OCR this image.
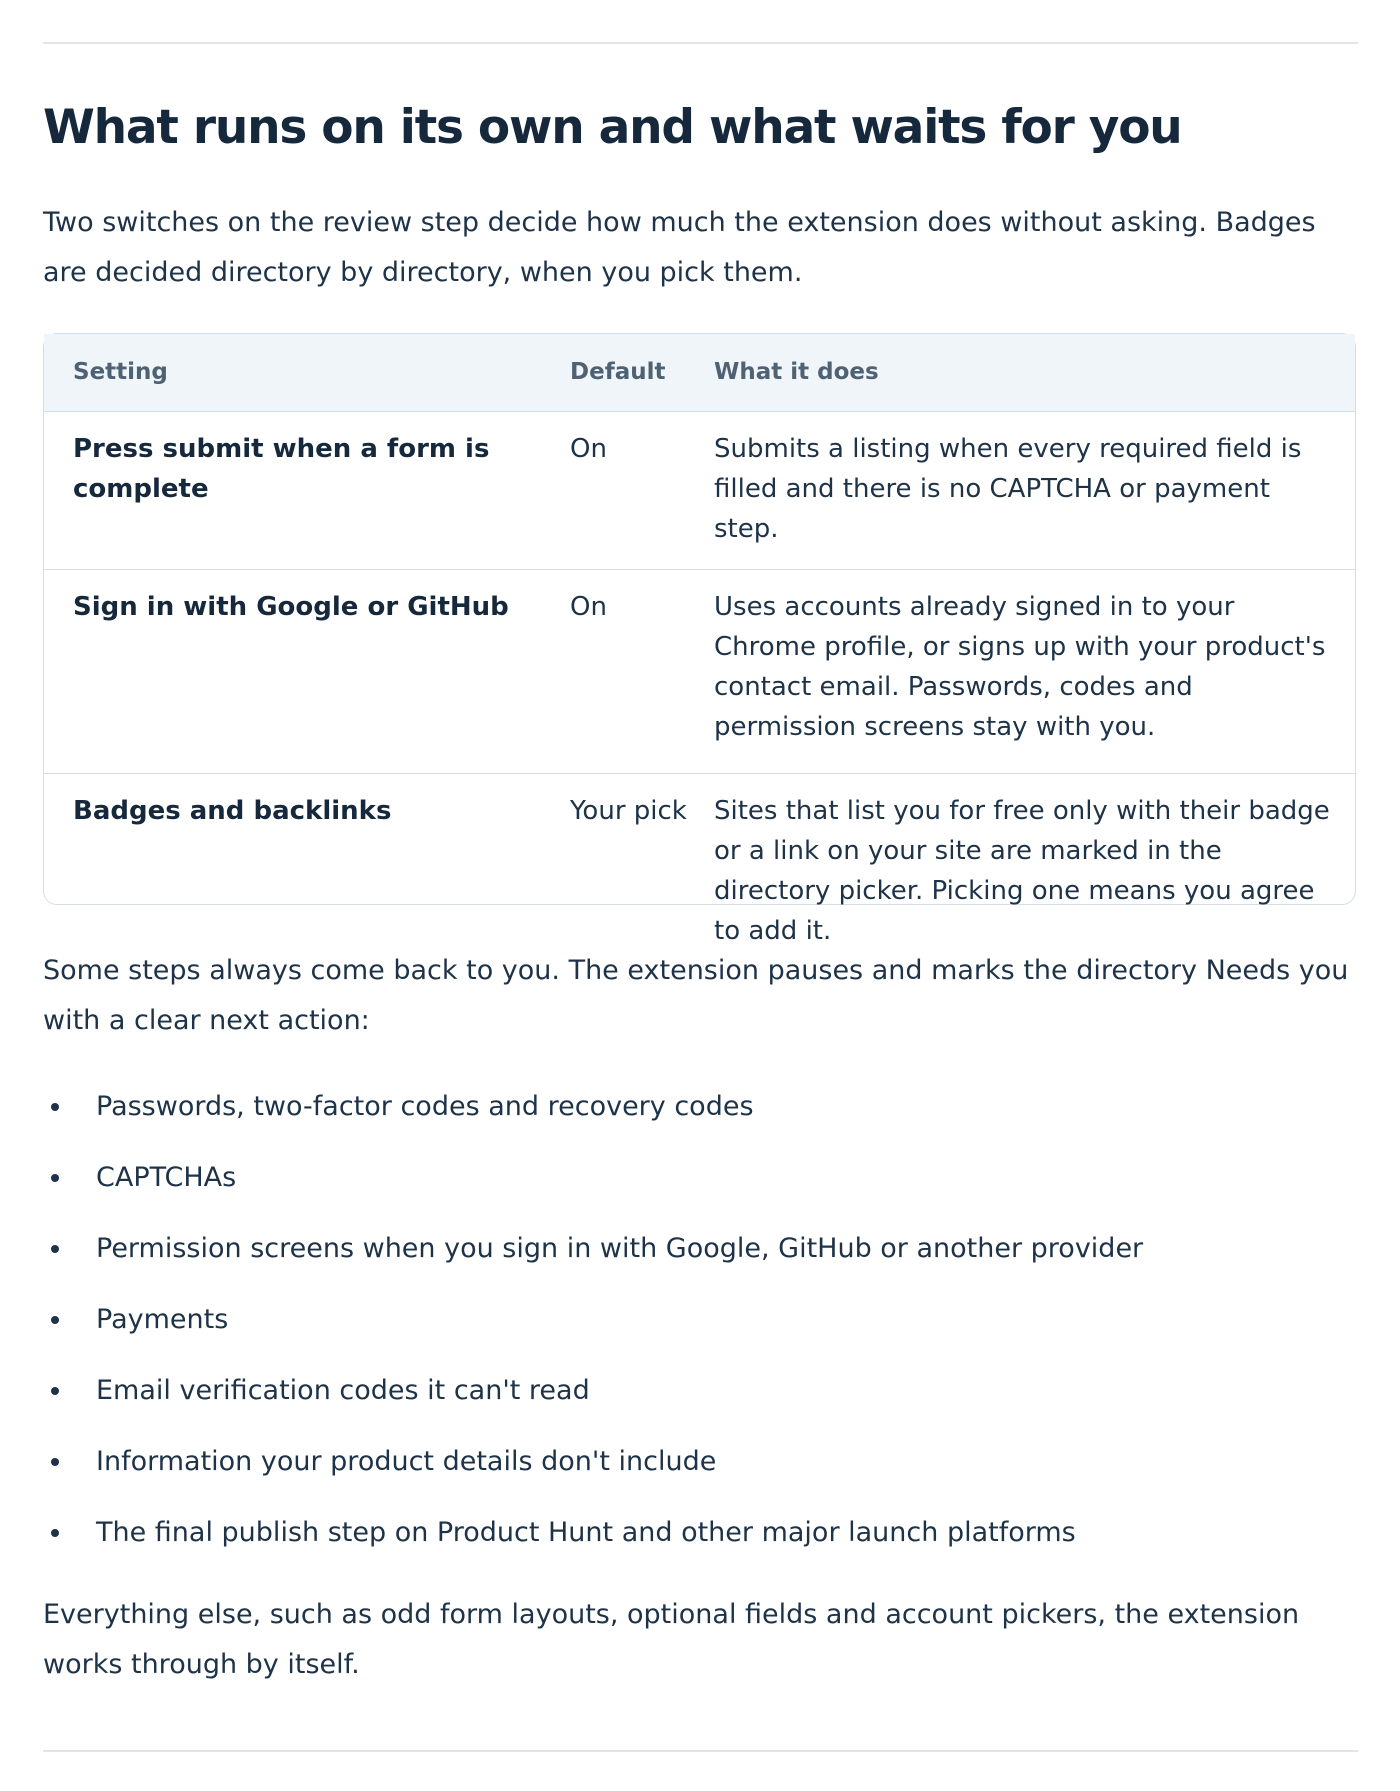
What runs on its own and what waits for you

Two switches on the review step decide how much the extension does without asking. Badges are decided directory by directory, when you pick them.

Setting	Default	What it does
Press submit when a form is complete	On	Submits a listing when every required field is filled and there is no CAPTCHA or payment step.
Sign in with Google or GitHub	On	Uses accounts already signed in to your Chrome profile, or signs up with your product's contact email. Passwords, codes and permission screens stay with you.
Badges and backlinks	Your pick	Sites that list you for free only with their badge or a link on your site are marked in the directory picker. Picking one means you agree to add it.

Some steps always come back to you. The extension pauses and marks the directory Needs you with a clear next action:

Passwords, two-factor codes and recovery codes
CAPTCHAs
Permission screens when you sign in with Google, GitHub or another provider
Payments
Email verification codes it can't read
Information your product details don't include
The final publish step on Product Hunt and other major launch platforms

Everything else, such as odd form layouts, optional fields and account pickers, the extension works through by itself.
